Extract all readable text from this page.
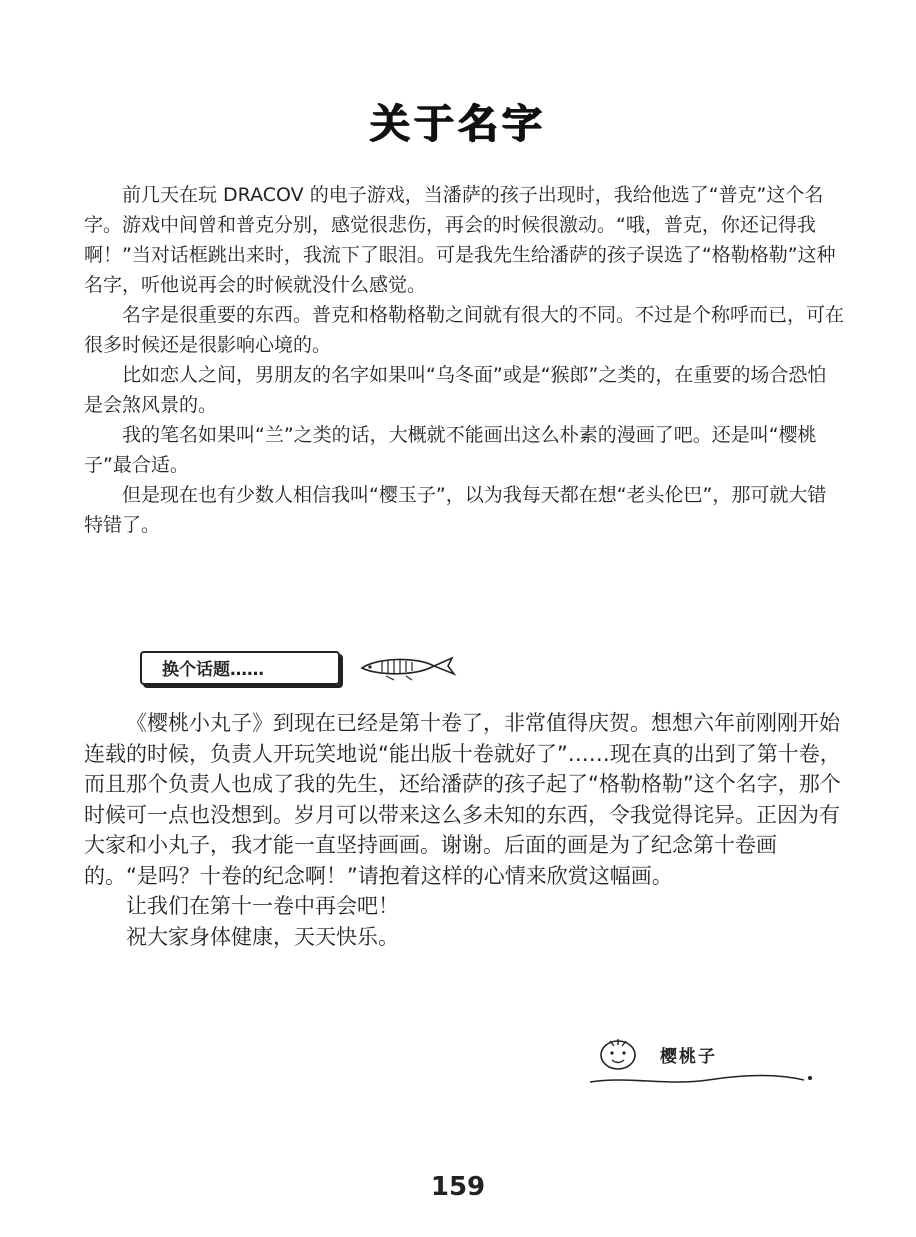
关于名字

前几天在玩 DRACOV 的电子游戏，当潘萨的孩子出现时，我给他选了“普克”这个名字。游戏中间曾和普克分别，感觉很悲伤，再会的时候很激动。“哦，普克，你还记得我啊！”当对话框跳出来时，我流下了眼泪。可是我先生给潘萨的孩子误选了“格勒格勒”这种名字，听他说再会的时候就没什么感觉。

名字是很重要的东西。普克和格勒格勒之间就有很大的不同。不过是个称呼而已，可在很多时候还是很影响心境的。

比如恋人之间，男朋友的名字如果叫“乌冬面”或是“猴郎”之类的，在重要的场合恐怕是会煞风景的。

我的笔名如果叫“兰”之类的话，大概就不能画出这么朴素的漫画了吧。还是叫“樱桃子”最合适。

但是现在也有少数人相信我叫“樱玉子”，以为我每天都在想“老头伦巴”，那可就大错特错了。

换个话题……

《樱桃小丸子》到现在已经是第十卷了，非常值得庆贺。想想六年前刚刚开始连载的时候，负责人开玩笑地说“能出版十卷就好了”……现在真的出到了第十卷，而且那个负责人也成了我的先生，还给潘萨的孩子起了“格勒格勒”这个名字，那个时候可一点也没想到。岁月可以带来这么多未知的东西，令我觉得诧异。正因为有大家和小丸子，我才能一直坚持画画。谢谢。后面的画是为了纪念第十卷画的。“是吗？十卷的纪念啊！”请抱着这样的心情来欣赏这幅画。

让我们在第十一卷中再会吧！

祝大家身体健康，天天快乐。

樱桃子
159
